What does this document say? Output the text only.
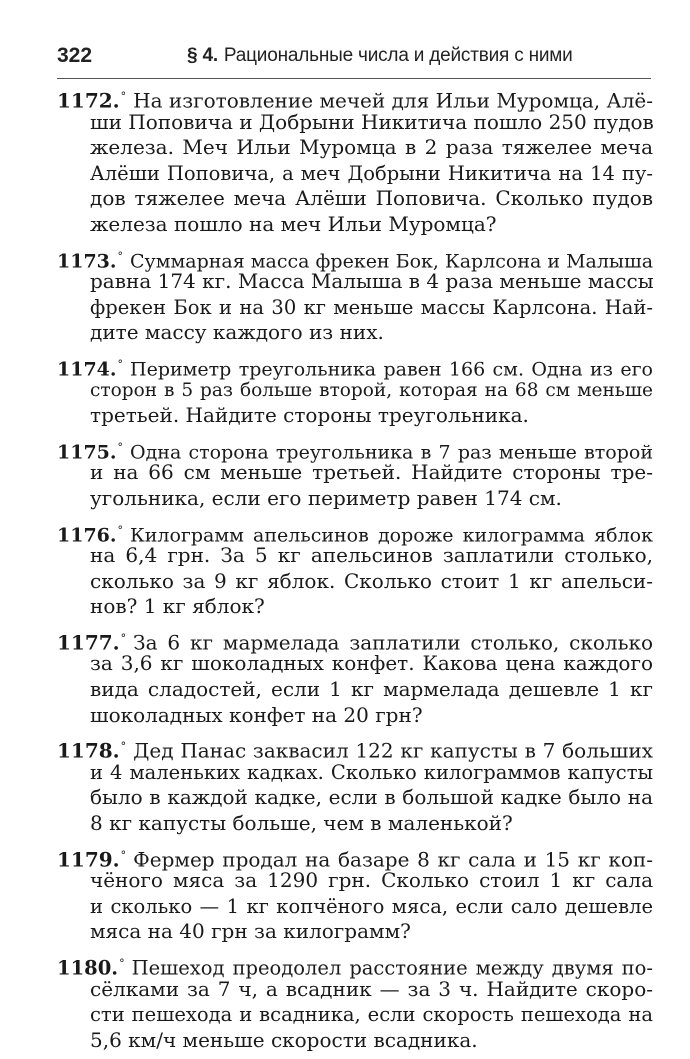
322	§ 4. Рациональные числа и действия с ними
1172.° На изготовление мечей для Ильи Муромца, Алё-
ши Поповича и Добрыни Никитича пошло 250 пудов
железа. Меч Ильи Муромца в 2 раза тяжелее меча
Алёши Поповича, а меч Добрыни Никитича на 14 пу-
дов тяжелее меча Алёши Поповича. Сколько пудов
железа пошло на меч Ильи Муромца?
1173.° Суммарная масса фрекен Бок, Карлсона и Малыша
равна 174 кг. Масса Малыша в 4 раза меньше массы
фрекен Бок и на 30 кг меньше массы Карлсона. Най-
дите массу каждого из них.
1174.° Периметр треугольника равен 166 см. Одна из его
сторон в 5 раз больше второй, которая на 68 см меньше
третьей. Найдите стороны треугольника.
1175.° Одна сторона треугольника в 7 раз меньше второй
и на 66 см меньше третьей. Найдите стороны тре-
угольника, если его периметр равен 174 см.
1176.° Килограмм апельсинов дороже килограмма яблок
на 6,4 грн. За 5 кг апельсинов заплатили столько,
сколько за 9 кг яблок. Сколько стоит 1 кг апельси-
нов? 1 кг яблок?
1177.° За 6 кг мармелада заплатили столько, сколько
за 3,6 кг шоколадных конфет. Какова цена каждого
вида сладостей, если 1 кг мармелада дешевле 1 кг
шоколадных конфет на 20 грн?
1178.° Дед Панас заквасил 122 кг капусты в 7 больших
и 4 маленьких кадках. Сколько килограммов капусты
было в каждой кадке, если в большой кадке было на
8 кг капусты больше, чем в маленькой?
1179.° Фермер продал на базаре 8 кг сала и 15 кг коп-
чёного мяса за 1290 грн. Сколько стоил 1 кг сала
и сколько — 1 кг копчёного мяса, если сало дешевле
мяса на 40 грн за килограмм?
1180.° Пешеход преодолел расстояние между двумя по-
сёлками за 7 ч, а всадник — за 3 ч. Найдите скоро-
сти пешехода и всадника, если скорость пешехода на
5,6 км/ч меньше скорости всадника.
